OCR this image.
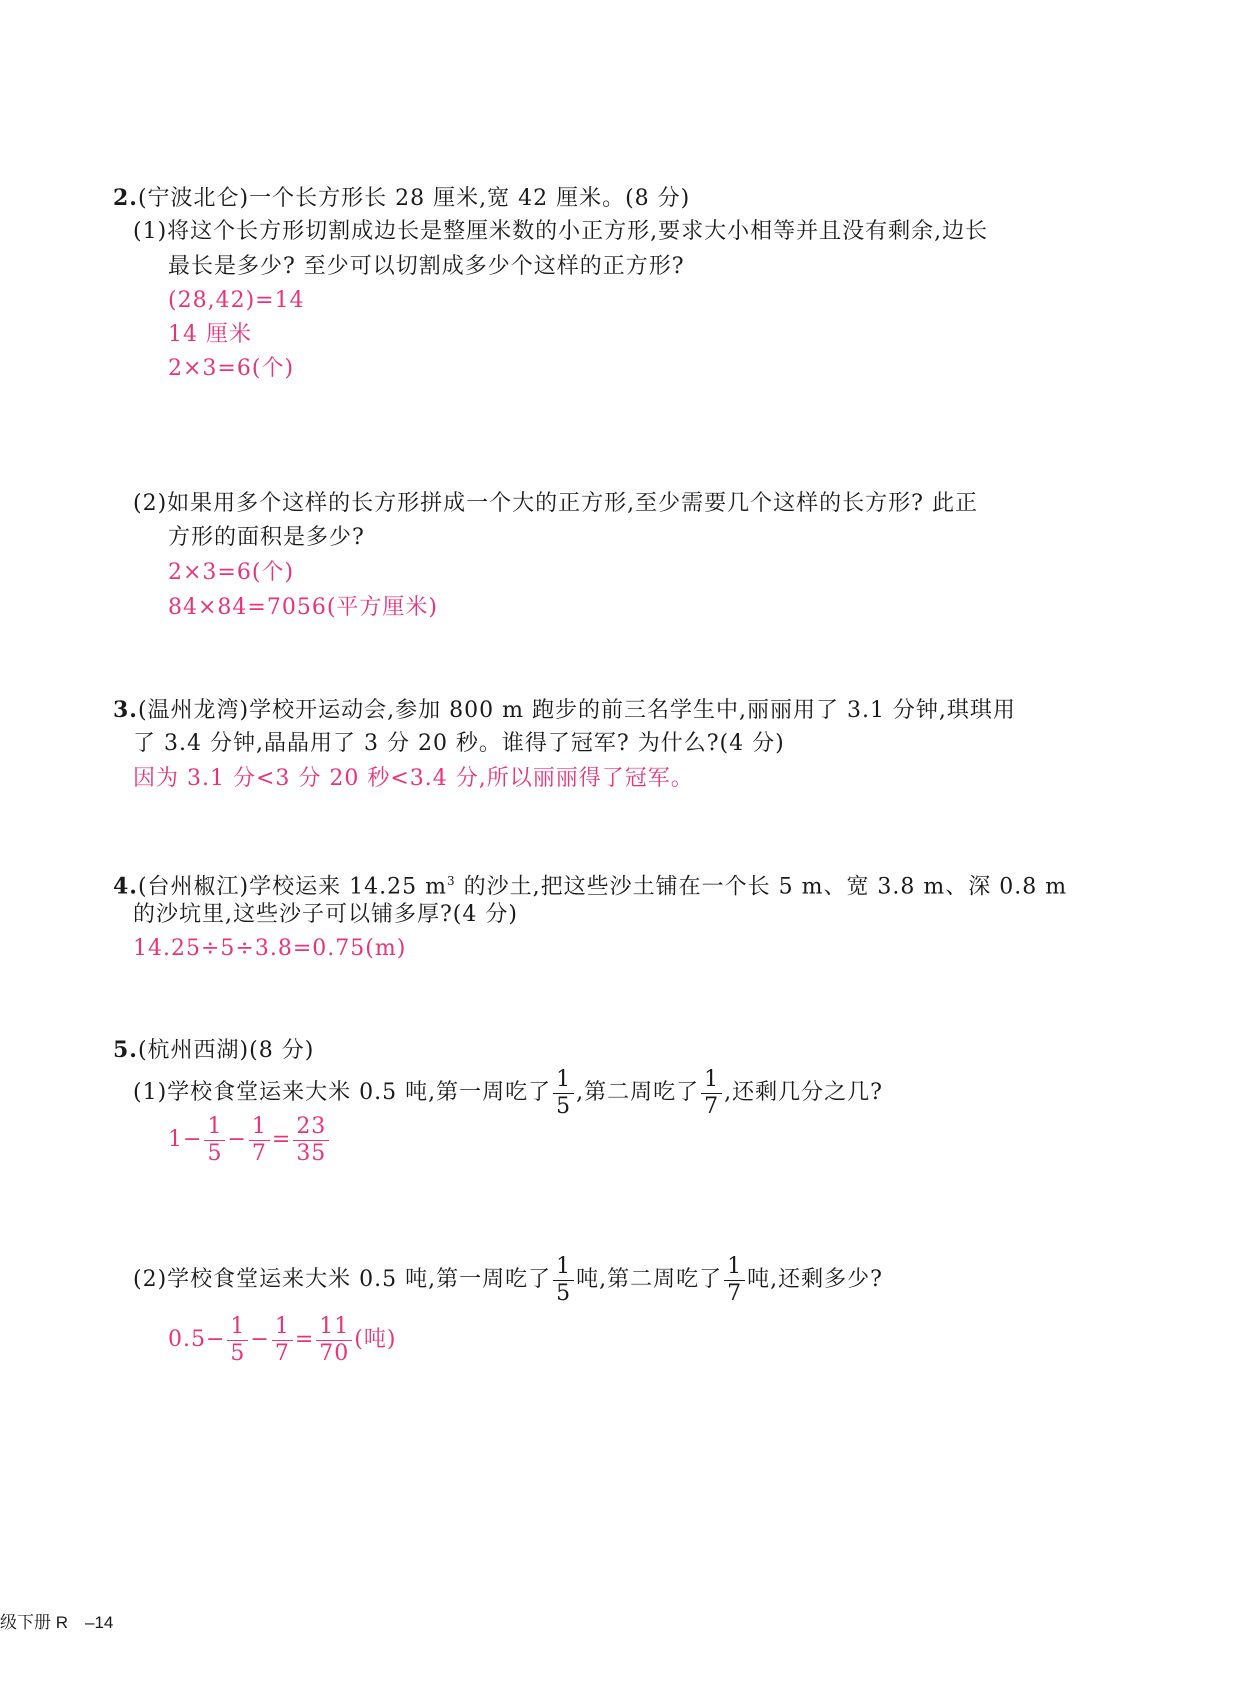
2.(宁波北仑)一个长方形长 28 厘米,宽 42 厘米。(8 分)
(1)将这个长方形切割成边长是整厘米数的小正方形,要求大小相等并且没有剩余,边长
最长是多少? 至少可以切割成多少个这样的正方形?
(28,42)=14
14 厘米
2×3=6(个)
(2)如果用多个这样的长方形拼成一个大的正方形,至少需要几个这样的长方形? 此正
方形的面积是多少?
2×3=6(个)
84×84=7056(平方厘米)
3.(温州龙湾)学校开运动会,参加 800 m 跑步的前三名学生中,丽丽用了 3.1 分钟,琪琪用
了 3.4 分钟,晶晶用了 3 分 20 秒。谁得了冠军? 为什么?(4 分)
因为 3.1 分<3 分 20 秒<3.4 分,所以丽丽得了冠军。
4.(台州椒江)学校运来 14.25 $m^3$ 的沙土,把这些沙土铺在一个长 5 m、宽 3.8 m、深 0.8 m
的沙坑里,这些沙子可以铺多厚?(4 分)
14.25÷5÷3.8=0.75(m)
5.(杭州西湖)(8 分)
(1)学校食堂运来大米 0.5 吨,第一周吃了 $\frac{1}{5}$ ,第二周吃了 $\frac{1}{7}$ ,还剩几分之几?
$1- \frac{1}{5} - \frac{1}{7} = \frac{23}{35}$
(2)学校食堂运来大米 0.5 吨,第一周吃了 $\frac{1}{5}$ 吨,第二周吃了 $\frac{1}{7}$ 吨,还剩多少?
$0.5- \frac{1}{5} - \frac{1}{7} = \frac{11}{70}$ (吨)
级下册 R　–14
